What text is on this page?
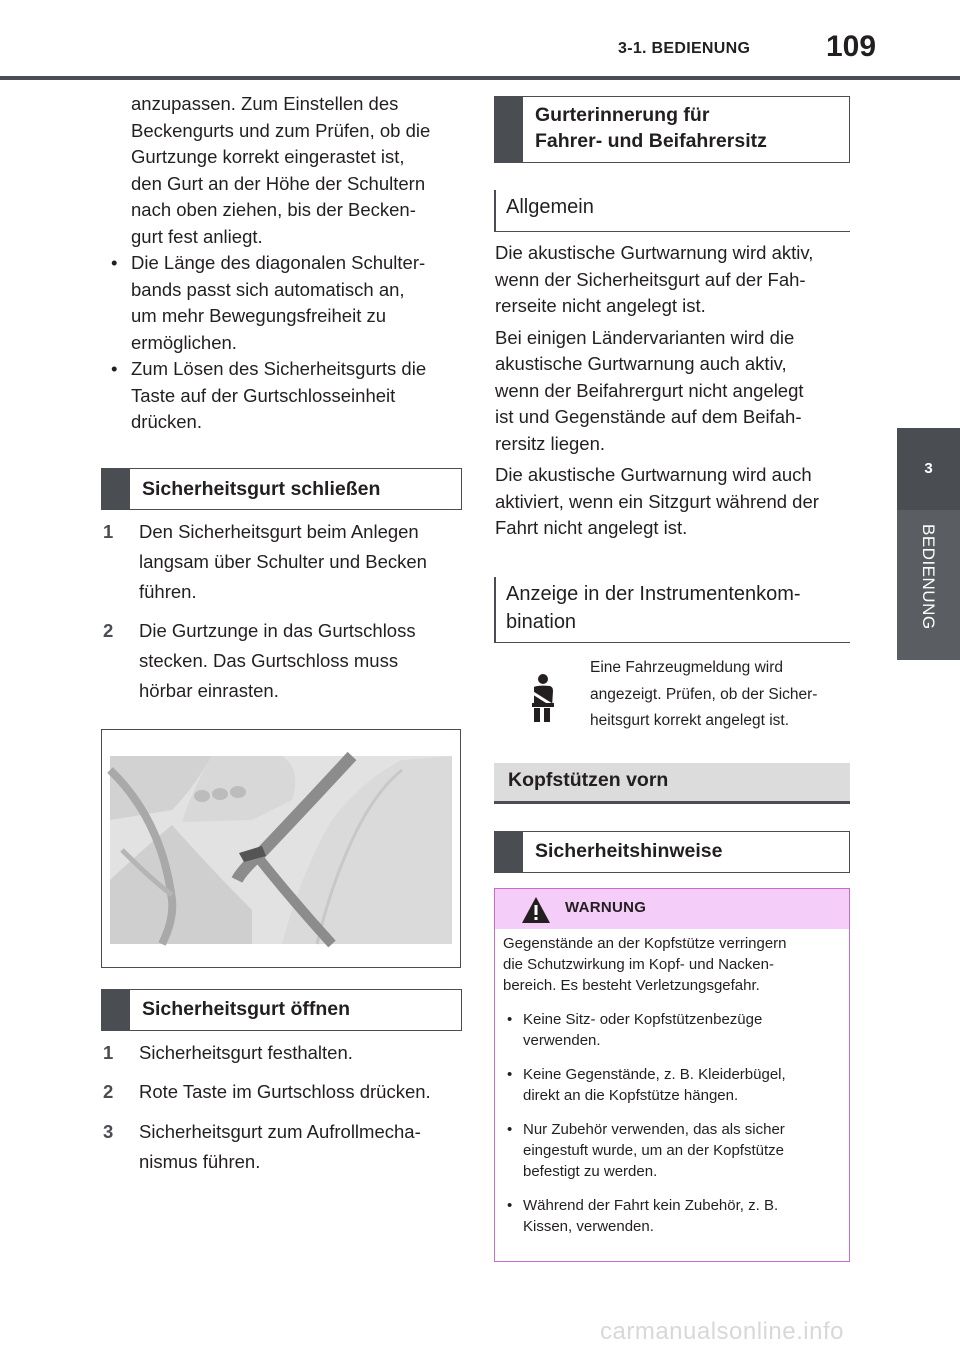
3-1. BEDIENUNG	109
3
BEDIENUNG
anzupassen. Zum Einstellen des
Beckengurts und zum Prüfen, ob die
Gurtzunge korrekt eingerastet ist,
den Gurt an der Höhe der Schultern
nach oben ziehen, bis der Becken-
gurt fest anliegt.
• Die Länge des diagonalen Schulter-
bands passt sich automatisch an,
um mehr Bewegungsfreiheit zu
ermöglichen.
• Zum Lösen des Sicherheitsgurts die
Taste auf der Gurtschlosseinheit
drücken.
Sicherheitsgurt schließen
1 Den Sicherheitsgurt beim Anlegen
langsam über Schulter und Becken
führen.
2 Die Gurtzunge in das Gurtschloss
stecken. Das Gurtschloss muss
hörbar einrasten.
Sicherheitsgurt öffnen
1 Sicherheitsgurt festhalten.
2 Rote Taste im Gurtschloss drücken.
3 Sicherheitsgurt zum Aufrollmecha-
nismus führen.
Gurterinnerung für
Fahrer- und Beifahrersitz
Allgemein
Die akustische Gurtwarnung wird aktiv,
wenn der Sicherheitsgurt auf der Fah-
rerseite nicht angelegt ist.
Bei einigen Ländervarianten wird die
akustische Gurtwarnung auch aktiv,
wenn der Beifahrergurt nicht angelegt
ist und Gegenstände auf dem Beifah-
rersitz liegen.
Die akustische Gurtwarnung wird auch
aktiviert, wenn ein Sitzgurt während der
Fahrt nicht angelegt ist.
Anzeige in der Instrumentenkom-
bination
Eine Fahrzeugmeldung wird
angezeigt. Prüfen, ob der Sicher-
heitsgurt korrekt angelegt ist.
Kopfstützen vorn
Sicherheitshinweise
WARNUNG
Gegenstände an der Kopfstütze verringern
die Schutzwirkung im Kopf- und Nacken-
bereich. Es besteht Verletzungsgefahr.
• Keine Sitz- oder Kopfstützenbezüge
verwenden.
• Keine Gegenstände, z. B. Kleiderbügel,
direkt an die Kopfstütze hängen.
• Nur Zubehör verwenden, das als sicher
eingestuft wurde, um an der Kopfstütze
befestigt zu werden.
• Während der Fahrt kein Zubehör, z. B.
Kissen, verwenden.
carmanualsonline.info
